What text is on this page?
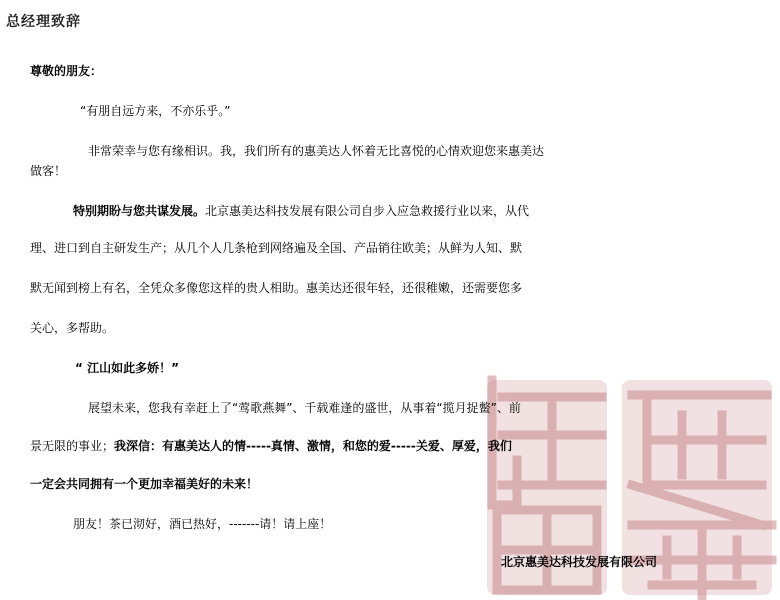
总经理致辞
尊敬的朋友：
“有朋自远方来，不亦乐乎。”
非常荣幸与您有缘相识。我，我们所有的惠美达人怀着无比喜悦的心情欢迎您来惠美达
做客！
特别期盼与您共谋发展。北京惠美达科技发展有限公司自步入应急救援行业以来，从代
理、进口到自主研发生产；从几个人几条枪到网络遍及全国、产品销往欧美；从鲜为人知、默
默无闻到榜上有名，全凭众多像您这样的贵人相助。惠美达还很年轻，还很稚嫩，还需要您多
关心，多帮助。
“ 江山如此多娇！”
展望未来，您我有幸赶上了“莺歌燕舞”、千载难逢的盛世，从事着“揽月捉鳖”、前
景无限的事业；我深信：有惠美达人的情-----真情、激情，和您的爱-----关爱、厚爱，我们
一定会共同拥有一个更加幸福美好的未来！
朋友！茶已沏好，酒已热好，-------请！请上座！
北京惠美达科技发展有限公司
